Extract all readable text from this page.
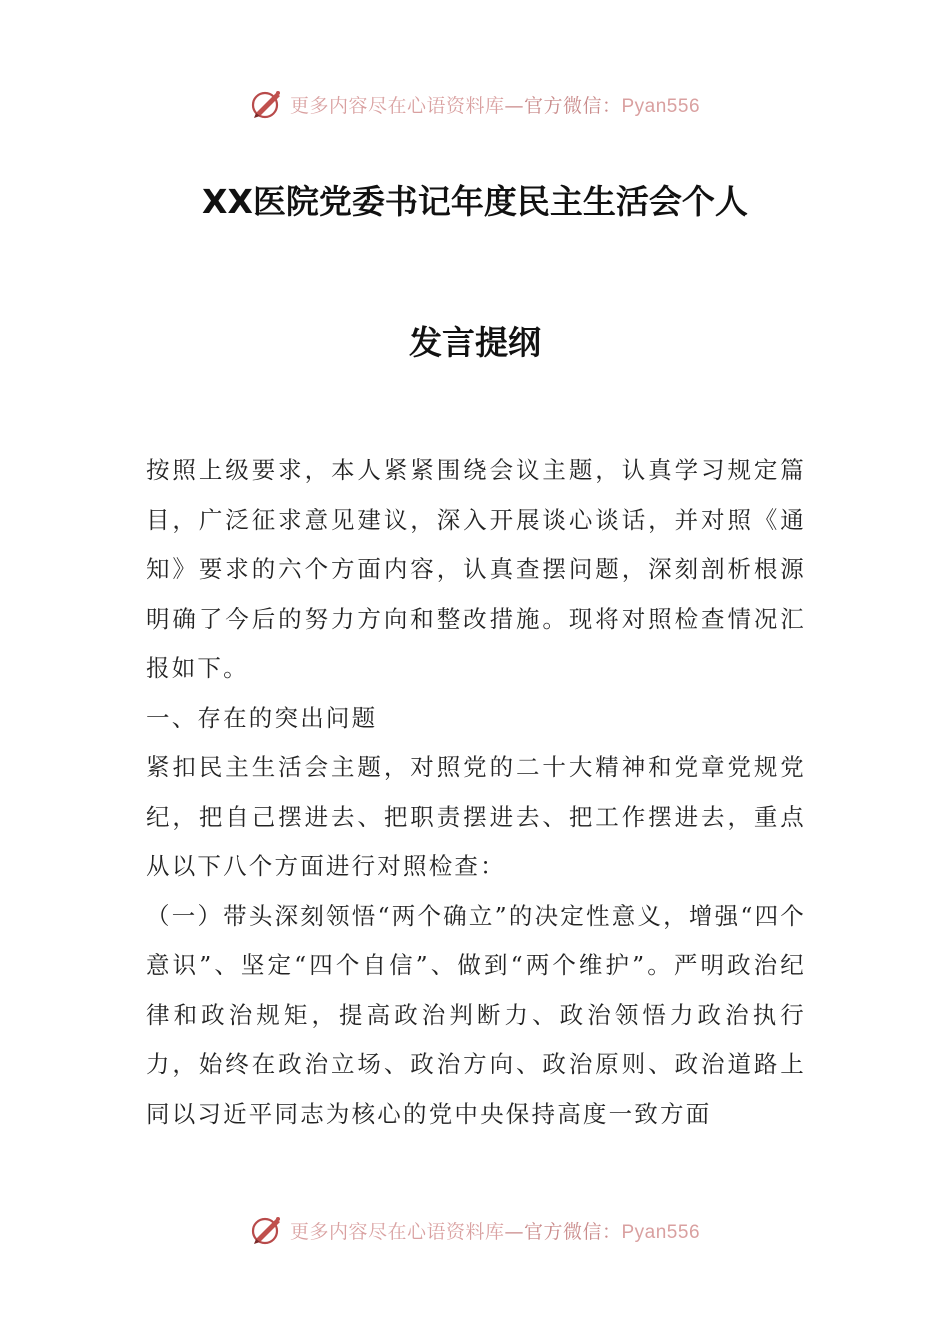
更多内容尽在心语资料库—官方微信：Pyan556
XX医院党委书记年度民主生活会个人
发言提纲

按照上级要求，本人紧紧围绕会议主题，认真学习规定篇目，广泛征求意见建议，深入开展谈心谈话，并对照《通知》要求的六个方面内容，认真查摆问题，深刻剖析根源明确了今后的努力方向和整改措施。现将对照检查情况汇报如下。

一、存在的突出问题

紧扣民主生活会主题，对照党的二十大精神和党章党规党纪，把自己摆进去、把职责摆进去、把工作摆进去，重点从以下八个方面进行对照检查：

（一）带头深刻领悟“两个确立”的决定性意义，增强“四个意识”、坚定“四个自信”、做到“两个维护”。严明政治纪律和政治规矩，提高政治判断力、政治领悟力政治执行力，始终在政治立场、政治方向、政治原则、政治道路上同以习近平同志为核心的党中央保持高度一致方面

更多内容尽在心语资料库—官方微信：Pyan556
